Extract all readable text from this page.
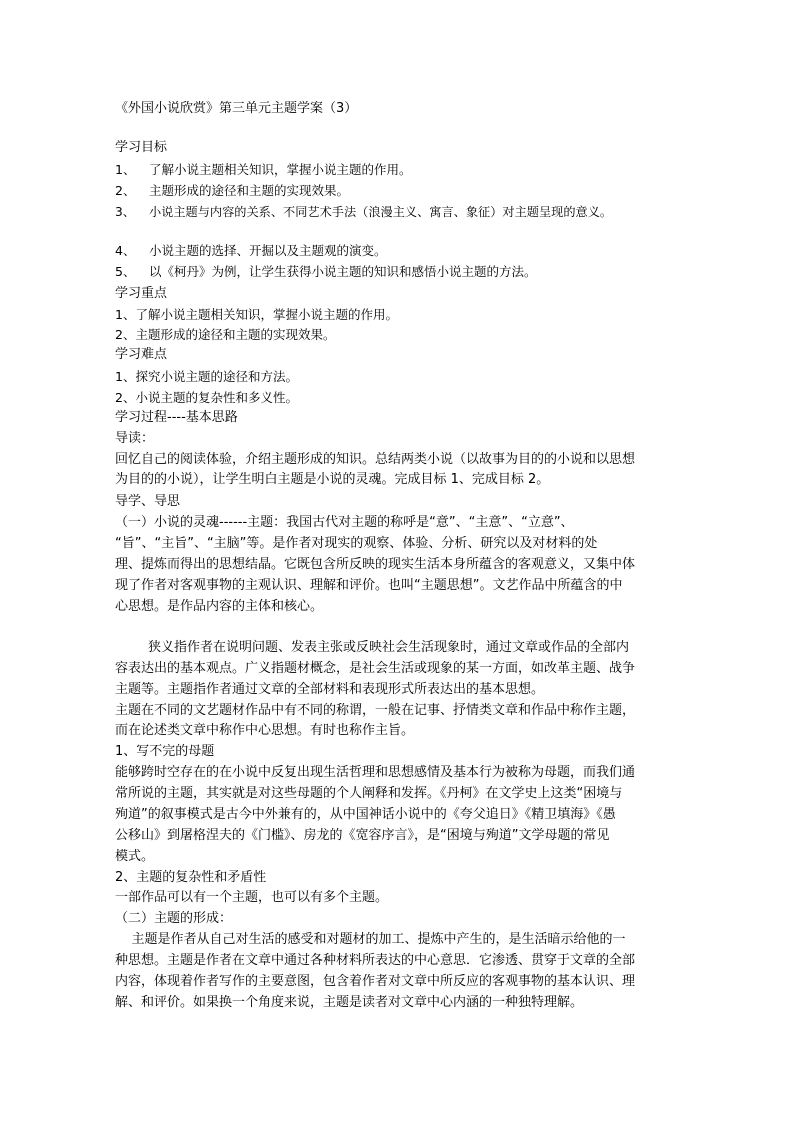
《外国小说欣赏》第三单元主题学案（3）
学习目标
1、 了解小说主题相关知识，掌握小说主题的作用。
2、 主题形成的途径和主题的实现效果。
3、 小说主题与内容的关系、不同艺术手法（浪漫主义、寓言、象征）对主题呈现的意义。
4、 小说主题的选择、开掘以及主题观的演变。
5、 以《柯丹》为例，让学生获得小说主题的知识和感悟小说主题的方法。
学习重点
1、了解小说主题相关知识，掌握小说主题的作用。
2、主题形成的途径和主题的实现效果。
学习难点
1、探究小说主题的途径和方法。
2、小说主题的复杂性和多义性。
学习过程----基本思路
导读：
回忆自己的阅读体验，介绍主题形成的知识。总结两类小说（以故事为目的的小说和以思想
为目的的小说），让学生明白主题是小说的灵魂。完成目标 1、完成目标 2。
导学、导思
（一）小说的灵魂------主题：我国古代对主题的称呼是“意”、“主意”、“立意”、
“旨”、“主旨”、“主脑”等。是作者对现实的观察、体验、分析、研究以及对材料的处
理、提炼而得出的思想结晶。它既包含所反映的现实生活本身所蕴含的客观意义，又集中体
现了作者对客观事物的主观认识、理解和评价。也叫“主题思想”。文艺作品中所蕴含的中
心思想。是作品内容的主体和核心。
狭义指作者在说明问题、发表主张或反映社会生活现象时，通过文章或作品的全部内
容表达出的基本观点。广义指题材概念，是社会生活或现象的某一方面，如改革主题、战争
主题等。主题指作者通过文章的全部材料和表现形式所表达出的基本思想。
主题在不同的文艺题材作品中有不同的称谓，一般在记事、抒情类文章和作品中称作主题，
而在论述类文章中称作中心思想。有时也称作主旨。
1、写不完的母题
能够跨时空存在的在小说中反复出现生活哲理和思想感情及基本行为被称为母题，而我们通
常所说的主题，其实就是对这些母题的个人阐释和发挥。《丹柯》在文学史上这类“困境与
殉道”的叙事模式是古今中外兼有的，从中国神话小说中的《夸父追日》《精卫填海》《愚
公移山》到屠格涅夫的《门槛》、房龙的《宽容序言》，是“困境与殉道”文学母题的常见
模式。
2、主题的复杂性和矛盾性
一部作品可以有一个主题，也可以有多个主题。
（二）主题的形成：
主题是作者从自己对生活的感受和对题材的加工、提炼中产生的，是生活暗示给他的一
种思想。主题是作者在文章中通过各种材料所表达的中心意思．它渗透、贯穿于文章的全部
内容，体现着作者写作的主要意图，包含着作者对文章中所反应的客观事物的基本认识、理
解、和评价。如果换一个角度来说，主题是读者对文章中心内涵的一种独特理解。
